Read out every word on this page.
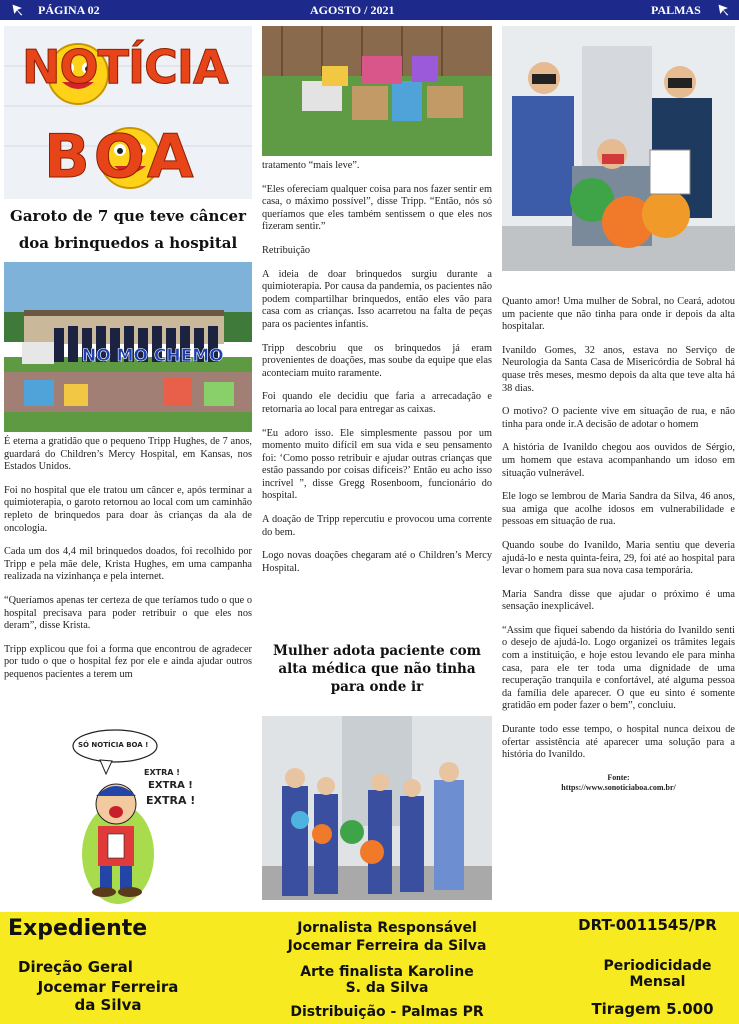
PÁGINA 02	AGOSTO / 2021	PALMAS
NOTÍCIA
BOA
Garoto de 7 que teve câncer doa brinquedos a hospital
NO MO CHEMO

É eterna a gratidão que o pequeno Tripp Hughes, de 7 anos, guardará do Children’s Mercy Hospital, em Kansas, nos Estados Unidos.

Foi no hospital que ele tratou um câncer e, após terminar a quimioterapia, o garoto retornou ao local com um caminhão repleto de brinquedos para doar às crianças da ala de oncologia.

Cada um dos 4,4 mil brinquedos doados, foi recolhido por Tripp e pela mãe dele, Krista Hughes, em uma campanha realizada na vizinhança e pela internet.

“Queríamos apenas ter certeza de que teríamos tudo o que o hospital precisava para poder retribuir o que eles nos deram”, disse Krista.

Tripp explicou que foi a forma que encontrou de agradecer por tudo o que o hospital fez por ele e ainda ajudar outros pequenos pacientes a terem um

SÓ NOTÍCIA BOA !
EXTRA !
EXTRA !
EXTRA !

tratamento “mais leve”.

“Eles ofereciam qualquer coisa para nos fazer sentir em casa, o máximo possível”, disse Tripp. “Então, nós só queríamos que eles também sentissem o que eles nos fizeram sentir.”

Retribuição

A ideia de doar brinquedos surgiu durante a quimioterapia. Por causa da pandemia, os pacientes não podem compartilhar brinquedos, então eles vão para casa com as crianças. Isso acarretou na falta de peças para os pacientes infantis.

Tripp descobriu que os brinquedos já eram provenientes de doações, mas soube da equipe que elas aconteciam muito raramente.

Foi quando ele decidiu que faria a arrecadação e retornaria ao local para entregar as caixas.

“Eu adoro isso. Ele simplesmente passou por um momento muito difícil em sua vida e seu pensamento foi: ‘Como posso retribuir e ajudar outras crianças que estão passando por coisas difíceis?’ Então eu acho isso incrível ”, disse Gregg Rosenboom, funcionário do hospital.

A doação de Tripp repercutiu e provocou uma corrente do bem.

Logo novas doações chegaram até o Children’s Mercy Hospital.

Mulher adota paciente com alta médica que não tinha para onde ir

Quanto amor! Uma mulher de Sobral, no Ceará, adotou um paciente que não tinha para onde ir depois da alta hospitalar.

Ivanildo Gomes, 32 anos, estava no Serviço de Neurologia da Santa Casa de Misericórdia de Sobral há quase três meses, mesmo depois da alta que teve alta há 38 dias.

O motivo? O paciente vive em situação de rua, e não tinha para onde ir.A decisão de adotar o homem

A história de Ivanildo chegou aos ouvidos de Sérgio, um homem que estava acompanhando um idoso em situação vulnerável.

Ele logo se lembrou de Maria Sandra da Silva, 46 anos, sua amiga que acolhe idosos em vulnerabilidade e pessoas em situação de rua.

Quando soube do Ivanildo, Maria sentiu que deveria ajudá-lo e nesta quinta-feira, 29, foi até ao hospital para levar o homem para sua nova casa temporária.

Maria Sandra disse que ajudar o próximo é uma sensação inexplicável.

“Assim que fiquei sabendo da história do Ivanildo senti o desejo de ajudá-lo. Logo organizei os trâmites legais com a instituição, e hoje estou levando ele para minha casa, para ele ter toda uma dignidade de uma recuperação tranquila e confortável, até alguma pessoa da família dele aparecer. O que eu sinto é somente gratidão em poder fazer o bem”, concluiu.

Durante todo esse tempo, o hospital nunca deixou de ofertar assistência até aparecer uma solução para a história do Ivanildo.

Fonte:
https://www.sonoticiaboa.com.br/
Expediente
Direção Geral
Jocemar Ferreira
da Silva
Jornalista Responsável
Jocemar Ferreira da Silva
Arte finalista Karoline
S. da Silva
Distribuição - Palmas PR
DRT-0011545/PR
Periodicidade
Mensal
Tiragem 5.000
